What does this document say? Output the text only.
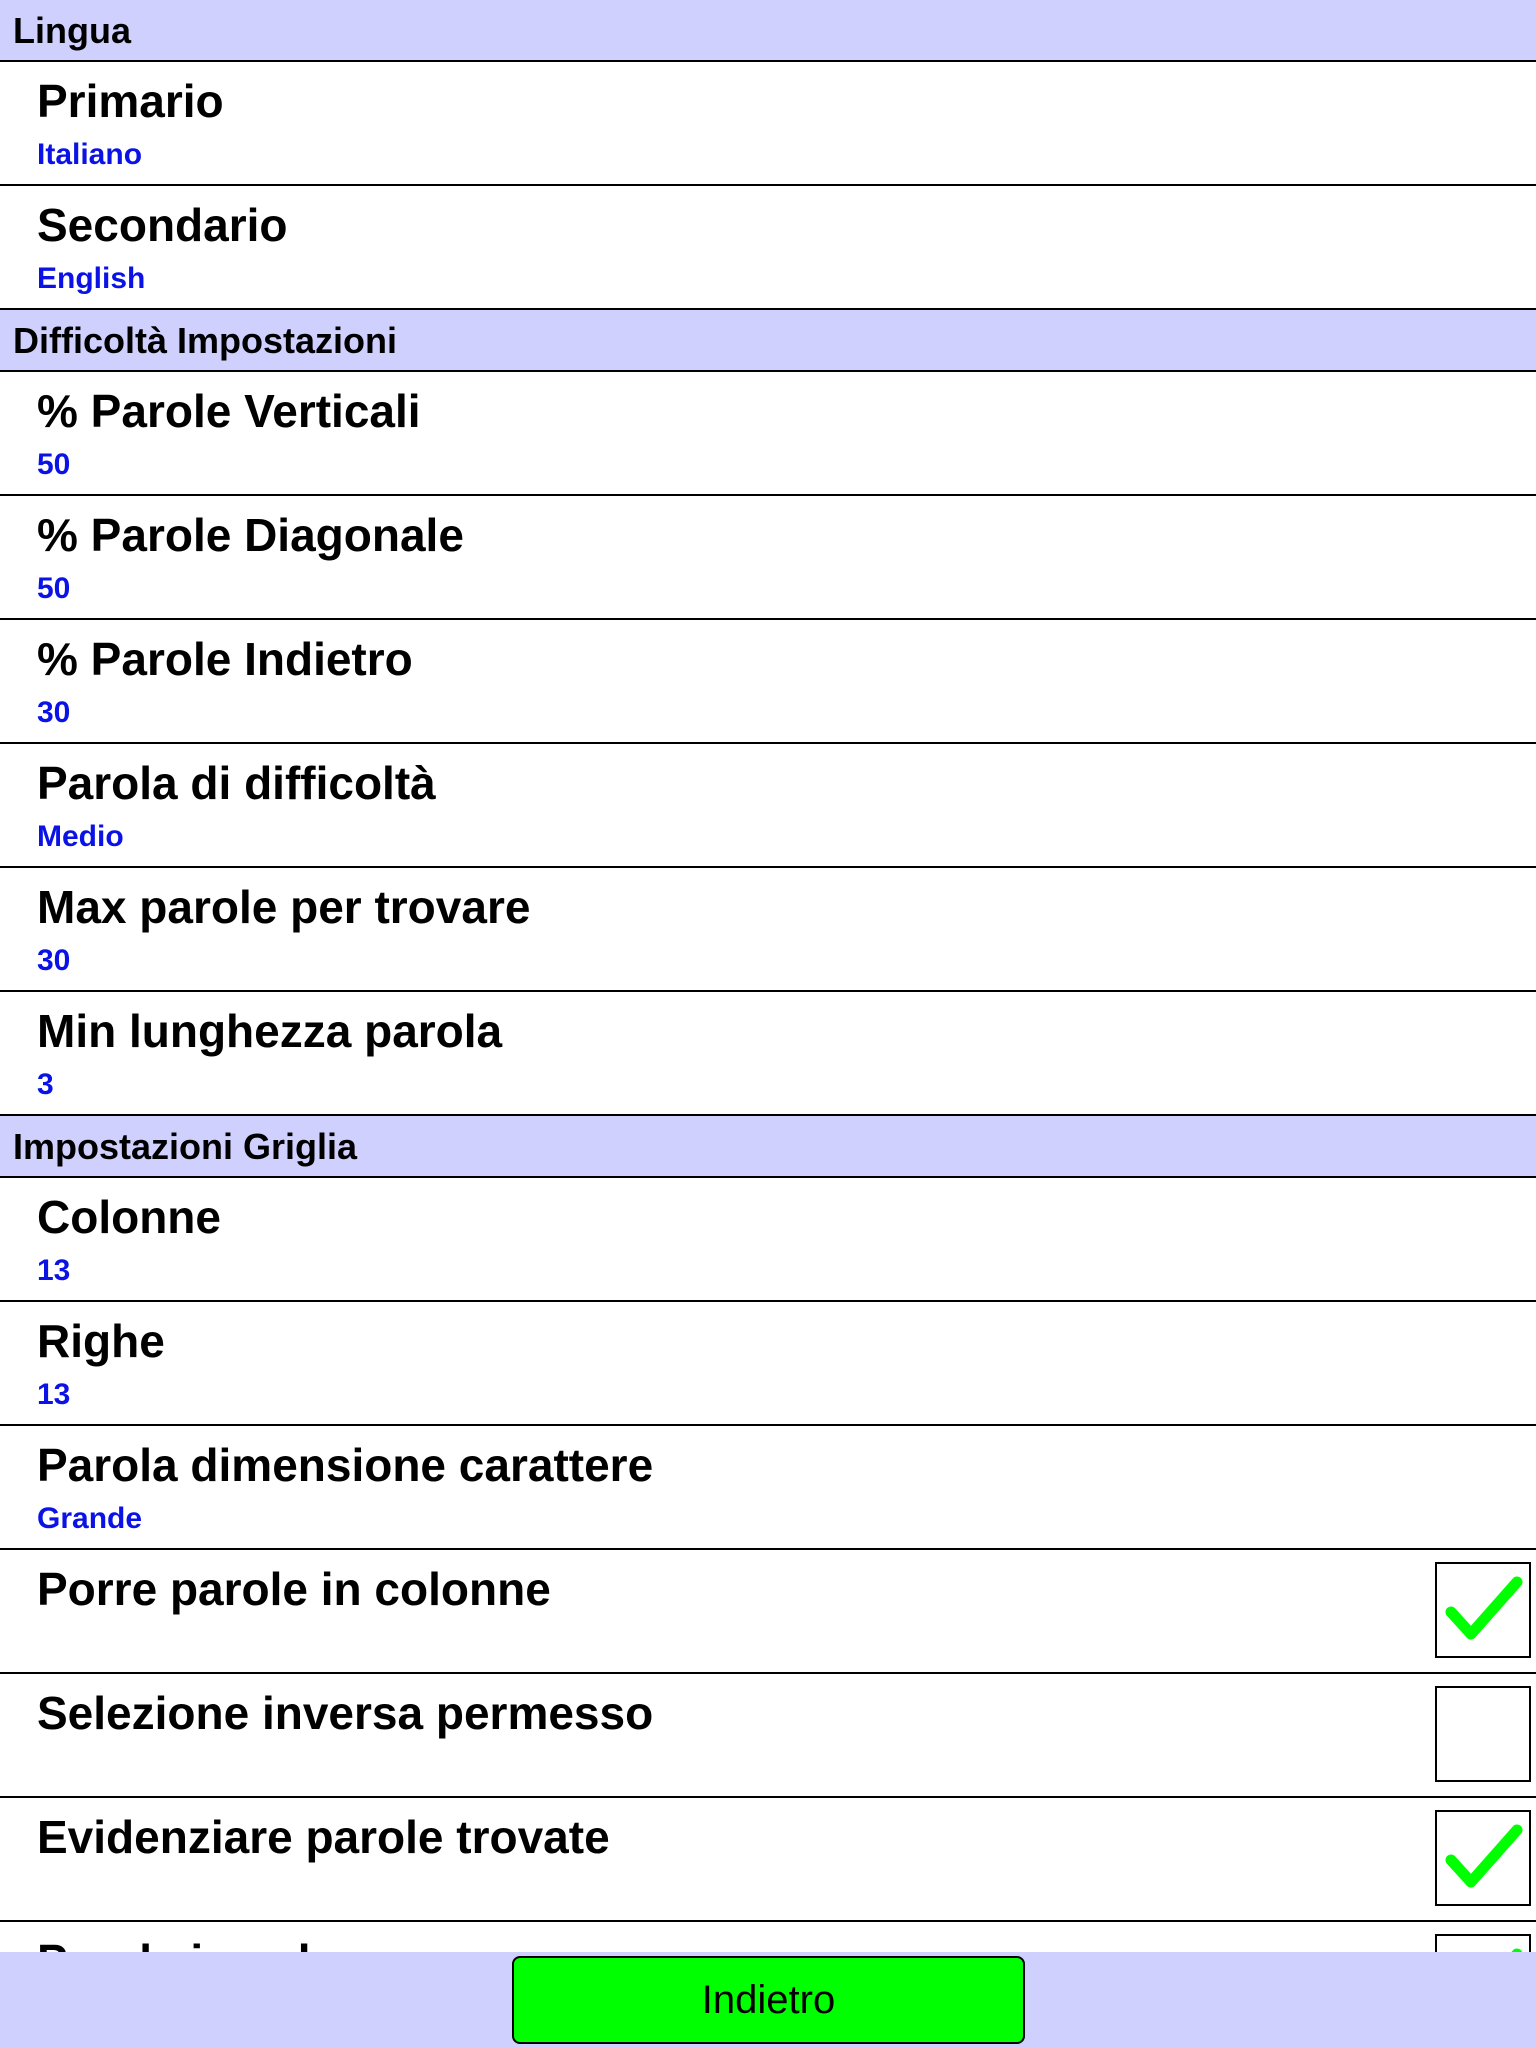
Lingua
Primario
Italiano
Secondario
English
Difficoltà Impostazioni
% Parole Verticali
50
% Parole Diagonale
50
% Parole Indietro
30
Parola di difficoltà
Medio
Max parole per trovare
30
Min lunghezza parola
3
Impostazioni Griglia
Colonne
13
Righe
13
Parola dimensione carattere
Grande
Porre parole in colonne
Selezione inversa permesso
Evidenziare parole trovate
Indietro
